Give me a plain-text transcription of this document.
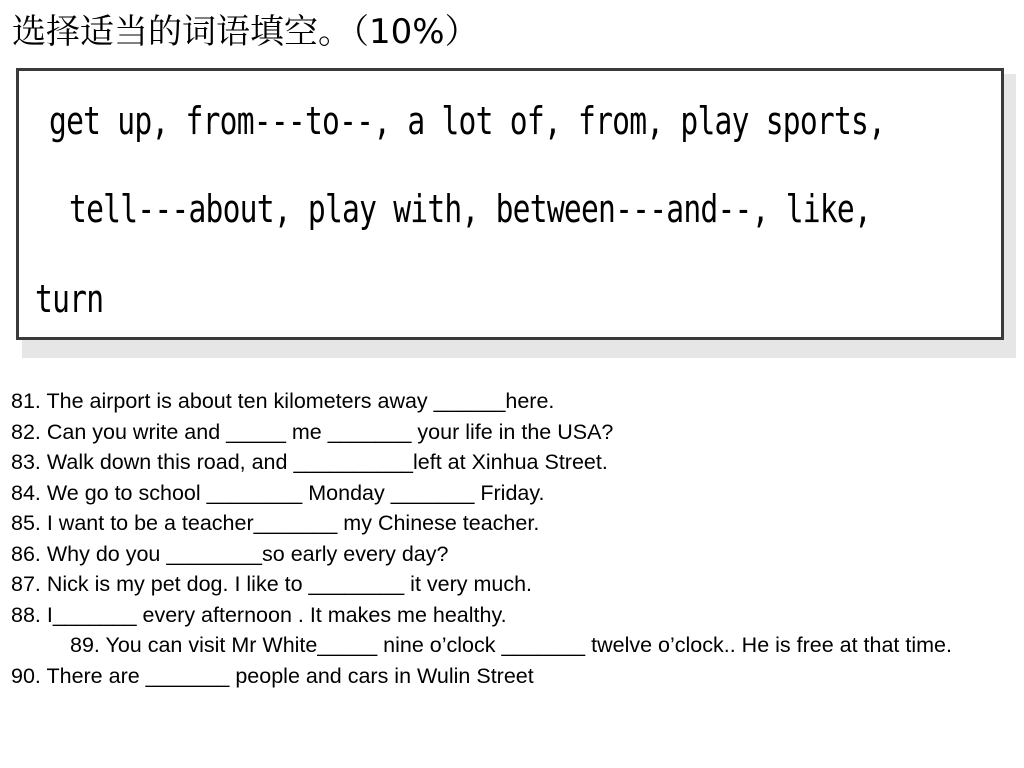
选择适当的词语填空。（10%）
get up, from---to--, a lot of, from, play sports,
tell---about, play with, between---and--, like,
turn
81. The airport is about ten kilometers away ______here.
82. Can you write and _____ me _______ your life in the USA?
83. Walk down this road, and __________left at Xinhua Street.
84. We go to school ________ Monday _______ Friday.
85. I want to be a teacher_______ my Chinese teacher.
86. Why do you ________so early every day?
87. Nick is my pet dog. I like to ________ it very much.
88. I_______ every afternoon . It makes me healthy.
89. You can visit Mr White_____ nine o’clock _______ twelve o’clock.. He is free at that time.
90. There are _______ people and cars in Wulin Street
